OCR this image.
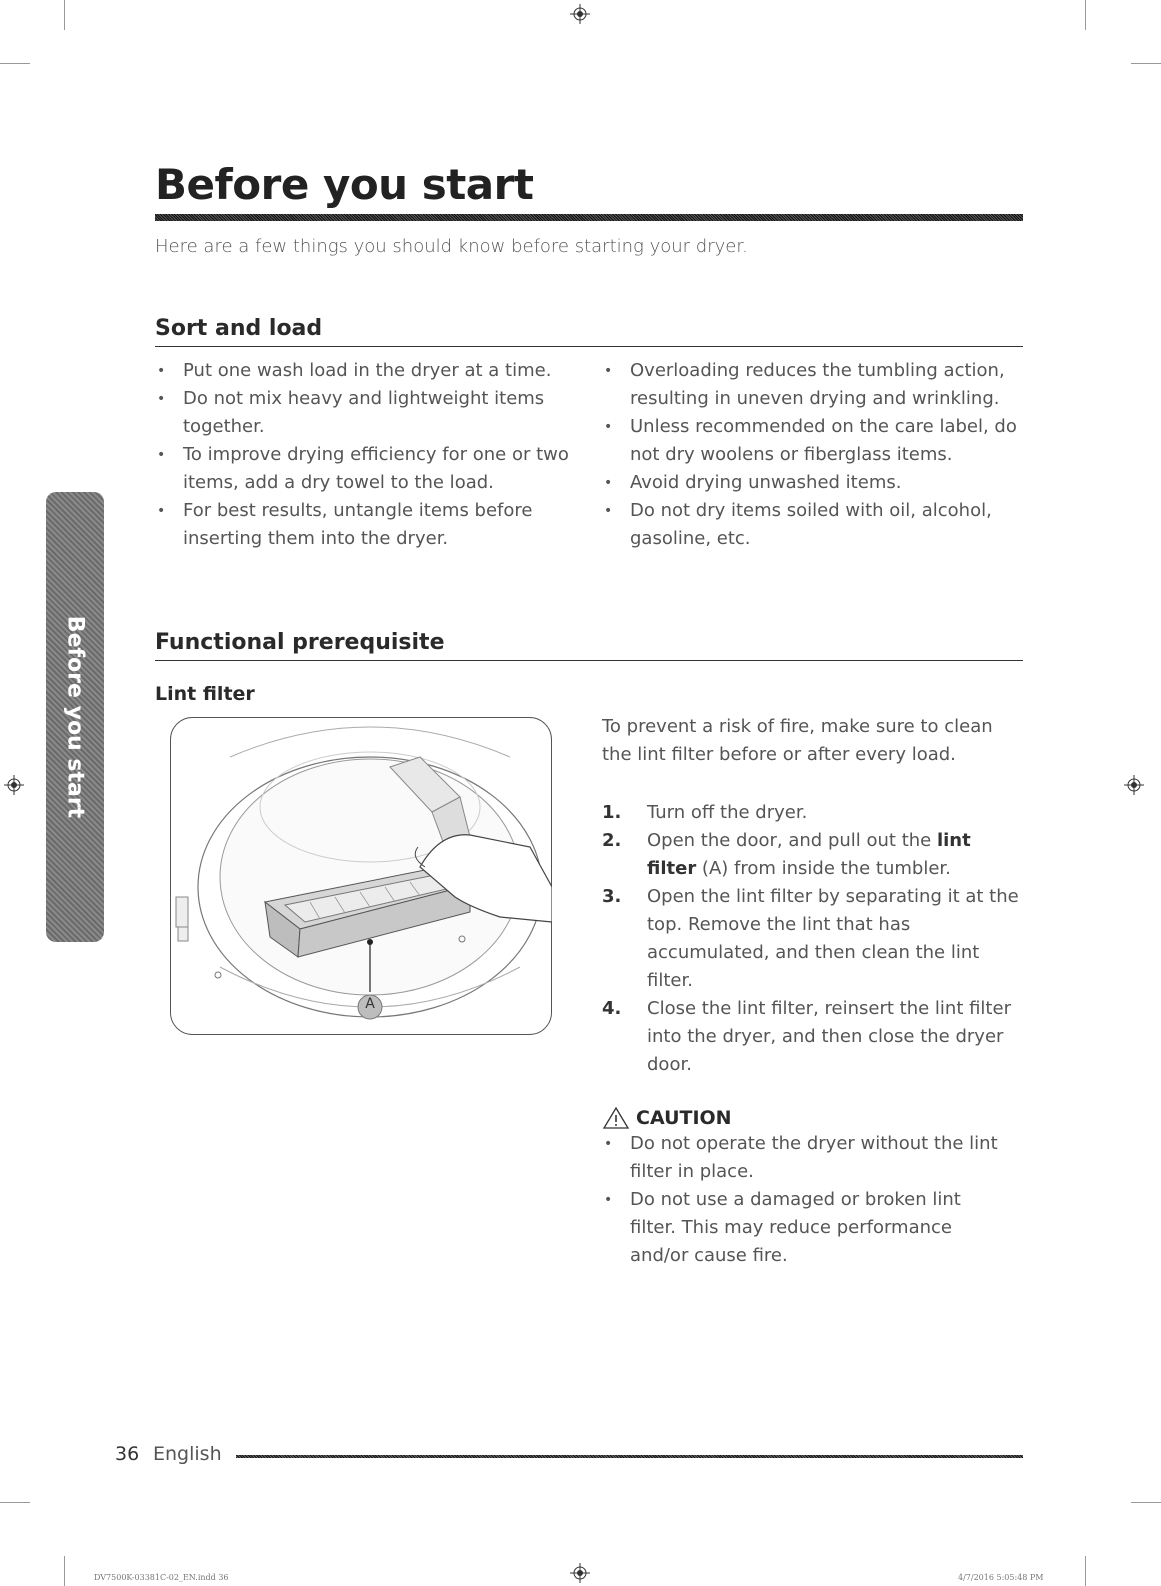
Before you start
Before you start

Here are a few things you should know before starting your dryer.

Sort and load
• Put one wash load in the dryer at a time.
• Do not mix heavy and lightweight items together.
• To improve drying efficiency for one or two items, add a dry towel to the load.
• For best results, untangle items before inserting them into the dryer.
• Overloading reduces the tumbling action, resulting in uneven drying and wrinkling.
• Unless recommended on the care label, do not dry woolens or fiberglass items.
• Avoid drying unwashed items.
• Do not dry items soiled with oil, alcohol, gasoline, etc.
Functional prerequisite
Lint filter
A

To prevent a risk of fire, make sure to clean the lint filter before or after every load.

1. Turn off the dryer.
2. Open the door, and pull out the lint filter (A) from inside the tumbler.
3. Open the lint filter by separating it at the top. Remove the lint that has accumulated, and then clean the lint filter.
4. Close the lint filter, reinsert the lint filter into the dryer, and then close the dryer door.
CAUTION
• Do not operate the dryer without the lint filter in place.
• Do not use a damaged or broken lint filter. This may reduce performance and/or cause fire.
36 English
DV7500K-03381C-02_EN.indd 36	4/7/2016 5:05:48 PM
